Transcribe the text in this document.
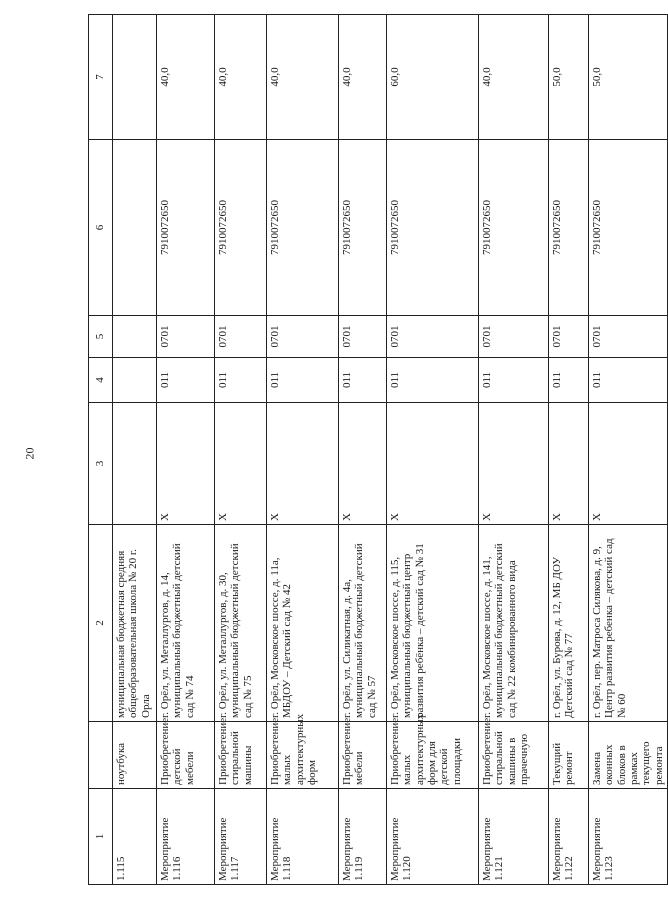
20
1		2	3	4	5	6	7
1.115	ноутбука	муниципальная бюджетная средняя общеобразовательная школа № 20 г. Орла					
Мероприятие 1.116	Приобретение детской мебели	г. Орёл, ул. Металлургов, д. 14, муниципальный бюджетный детский сад № 74	Х	011	0701	7910072650	40,0
Мероприятие 1.117	Приобретение стиральной машины	г. Орёл, ул. Металлургов, д. 30, муниципальный бюджетный детский сад № 75	Х	011	0701	7910072650	40,0
Мероприятие 1.118	Приобретение малых архитектурных форм	г. Орёл, Московское шоссе, д. 11а, МБДОУ – Детский сад № 42	Х	011	0701	7910072650	40,0
Мероприятие 1.119	Приобретение мебели	г. Орёл, ул. Силикатная, д. 4а, муниципальный бюджетный детский сад № 57	Х	011	0701	7910072650	40,0
Мероприятие 1.120	Приобретение малых архитектурных форм для детской площадки	г. Орёл, Московское шоссе, д. 115, муниципальный бюджетный центр развития ребёнка – детский сад № 31	Х	011	0701	7910072650	60,0
Мероприятие 1.121	Приобретение стиральной машины в прачечную	г. Орёл, Московское шоссе, д. 141, муниципальный бюджетный детский сад № 22 комбинированного вида	Х	011	0701	7910072650	40,0
Мероприятие 1.122	Текущий ремонт	г. Орёл, ул. Бурова, д. 12, МБ ДОУ Детский сад № 77	Х	011	0701	7910072650	50,0
Мероприятие 1.123	Замена оконных блоков в рамках текущего ремонта	г. Орёл, пер. Матроса Силякова, д. 9, Центр развития ребенка – детский сад № 60	Х	011	0701	7910072650	50,0
